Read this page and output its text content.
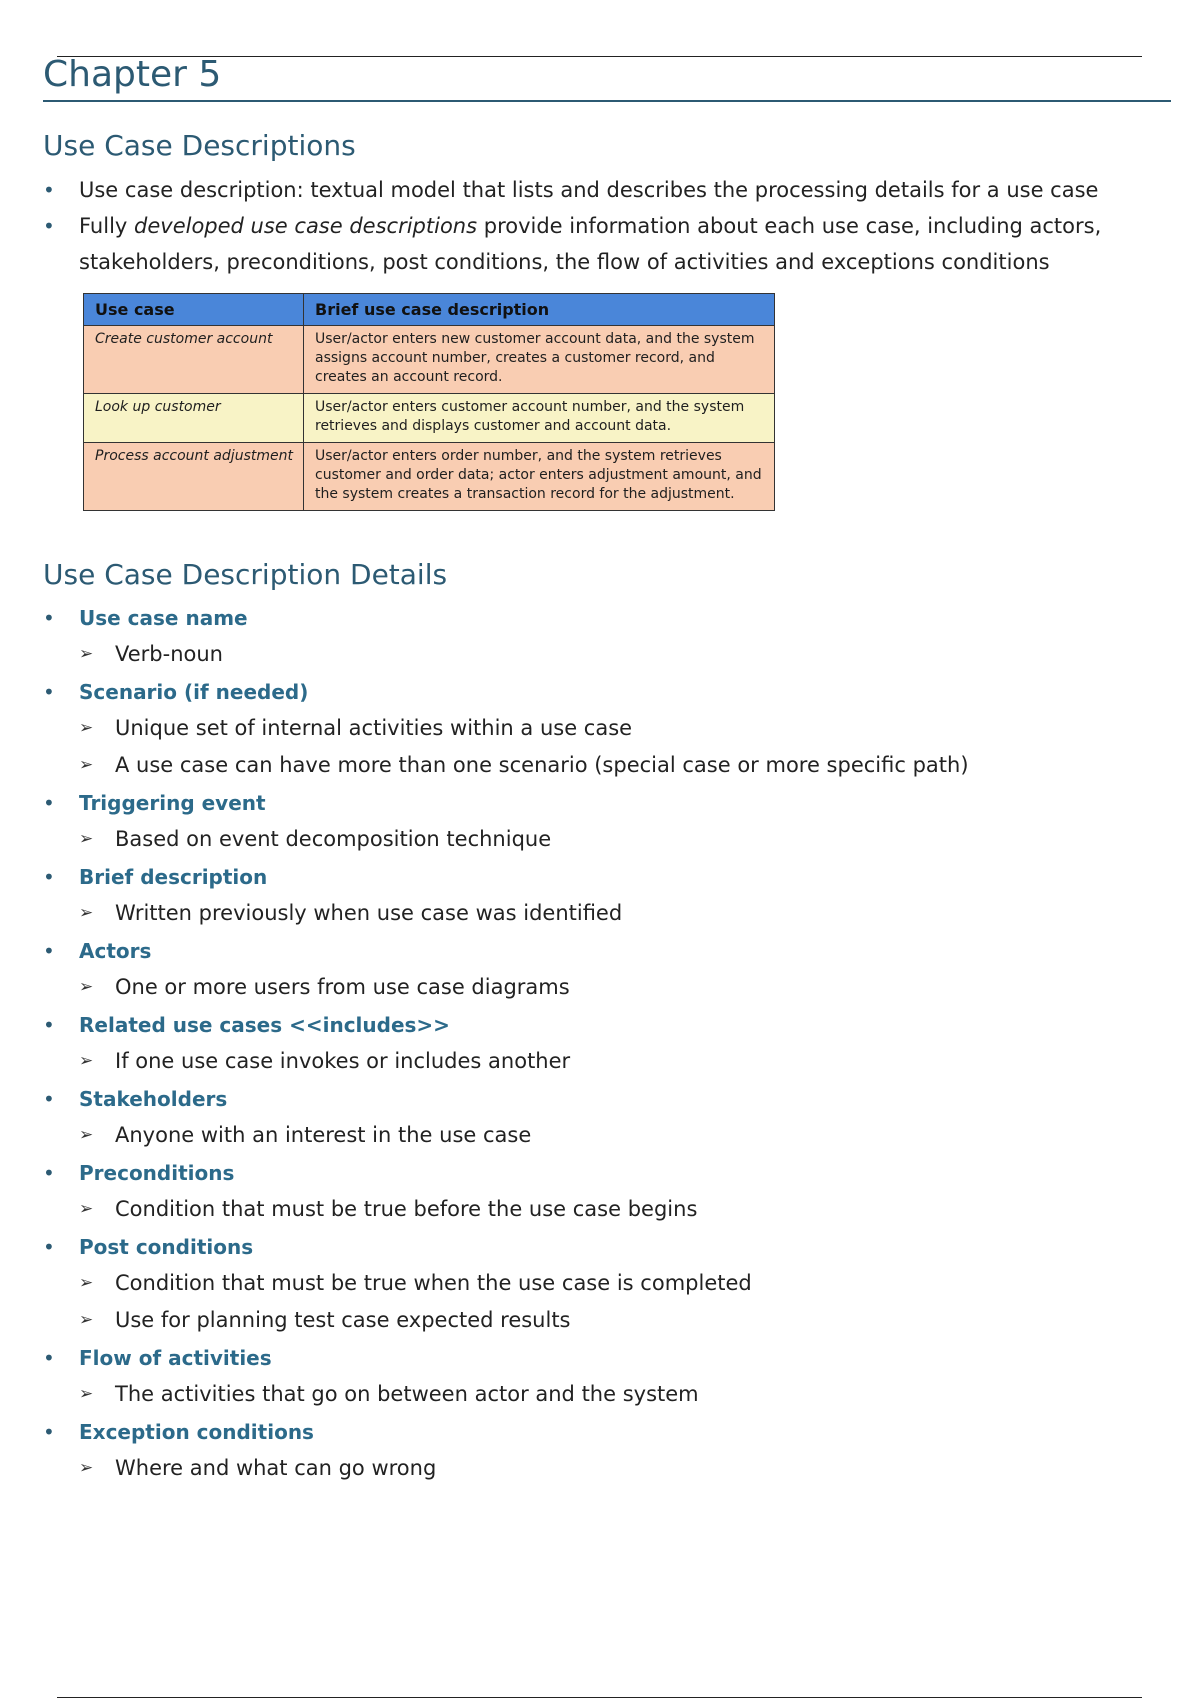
Chapter 5
Use Case Descriptions
• Use case description: textual model that lists and describes the processing details for a use case
• Fully developed use case descriptions provide information about each use case, including actors, stakeholders, preconditions, post conditions, the flow of activities and exceptions conditions
Use case	Brief use case description
Create customer account	User/actor enters new customer account data, and the system assigns account number, creates a customer record, and creates an account record.
Look up customer	User/actor enters customer account number, and the system retrieves and displays customer and account data.
Process account adjustment	User/actor enters order number, and the system retrieves customer and order data; actor enters adjustment amount, and the system creates a transaction record for the adjustment.
Use Case Description Details
• Use case name
➢ Verb-noun
• Scenario (if needed)
➢ Unique set of internal activities within a use case
➢ A use case can have more than one scenario (special case or more specific path)
• Triggering event
➢ Based on event decomposition technique
• Brief description
➢ Written previously when use case was identified
• Actors
➢ One or more users from use case diagrams
• Related use cases <<includes>>
➢ If one use case invokes or includes another
• Stakeholders
➢ Anyone with an interest in the use case
• Preconditions
➢ Condition that must be true before the use case begins
• Post conditions
➢ Condition that must be true when the use case is completed
➢ Use for planning test case expected results
• Flow of activities
➢ The activities that go on between actor and the system
• Exception conditions
➢ Where and what can go wrong
